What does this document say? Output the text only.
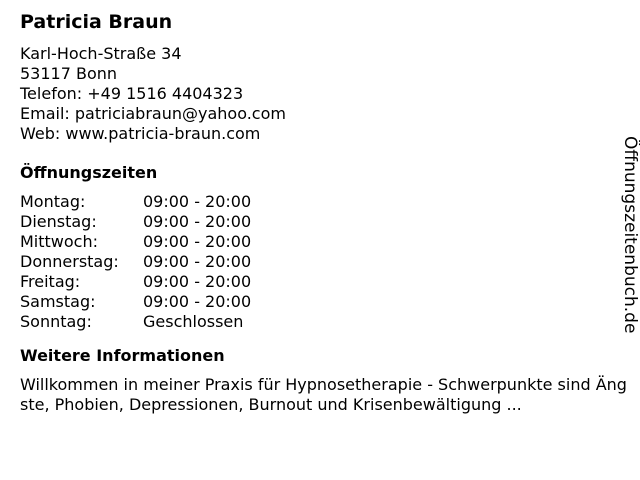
Patricia Braun
Karl-Hoch-Straße 34
53117 Bonn
Telefon: +49 1516 4404323
Email: patriciabraun@yahoo.com
Web: www.patricia-braun.com
Öffnungszeiten
Montag:	09:00 - 20:00
Dienstag:	09:00 - 20:00
Mittwoch:	09:00 - 20:00
Donnerstag:	09:00 - 20:00
Freitag:	09:00 - 20:00
Samstag:	09:00 - 20:00
Sonntag:	Geschlossen
Weitere Informationen
Willkommen in meiner Praxis für Hypnosetherapie - Schwerpunkte sind Ängste, Phobien, Depressionen, Burnout und Krisenbewältigung ...
Öffnungszeitenbuch.de
